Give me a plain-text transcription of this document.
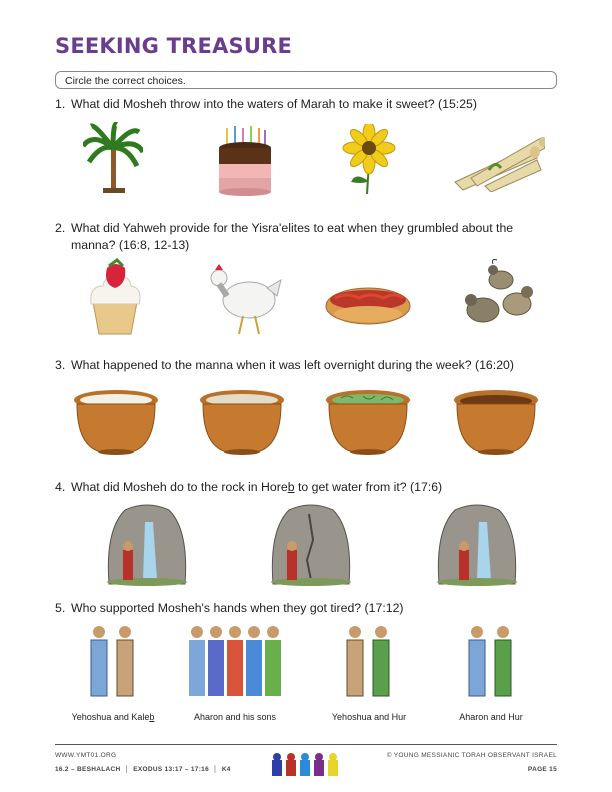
SEEKING TREASURE
Circle the correct choices.
1. What did Mosheh throw into the waters of Marah to make it sweet? (15:25)
2. What did Yahweh provide for the Yisra'elites to eat when they grumbled about the
manna? (16:8, 12-13)
3. What happened to the manna when it was left overnight during the week? (16:20)
4. What did Mosheh do to the rock in Horeb to get water from it? (17:6)
5. Who supported Mosheh's hands when they got tired? (17:12)
Yehoshua and Kaleb	Aharon and his sons	Yehoshua and Hur	Aharon and Hur
WWW.YMT01.ORG
16.2 – BESHALACH  │  EXODUS 13:17 – 17:16  │  K4
© YOUNG MESSIANIC TORAH OBSERVANT ISRAEL
PAGE 15
